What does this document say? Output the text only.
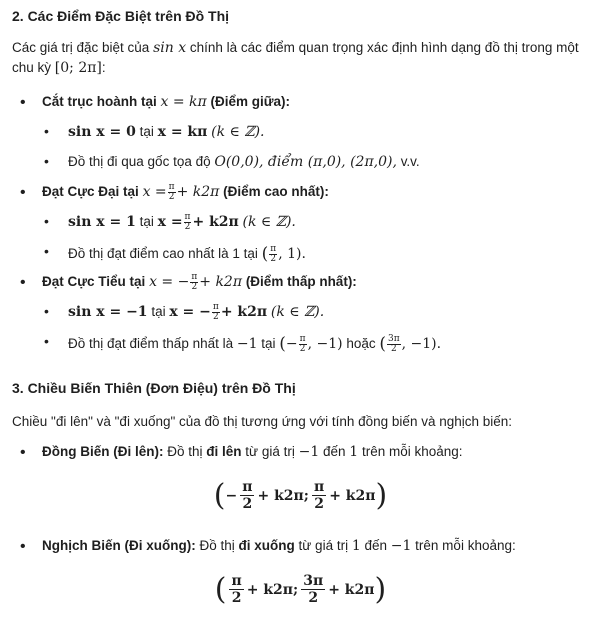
2. Các Điểm Đặc Biệt trên Đồ Thị
Các giá trị đặc biệt của sin x chính là các điểm quan trọng xác định hình dạng đồ thị trong một
chu kỳ [0; 2π]:
Cắt trục hoành tại x = kπ (Điểm giữa):
sin x = 0 tại x = kπ (k ∈ ℤ).
Đồ thị đi qua gốc tọa độ O(0,0), điểm (π,0), (2π,0), v.v.
Đạt Cực Đại tại $x = \frac{\pi}{2} + k2\pi$ (Điểm cao nhất):
sin x = 1 tại $x = \frac{\pi}{2} + k2\pi$ (k ∈ ℤ).
Đồ thị đạt điểm cao nhất là 1 tại ( $\frac{\pi}{2}$ , 1).
Đạt Cực Tiểu tại x = − $\frac{\pi}{2} + k2\pi$ (Điểm thấp nhất):
sin x = −1 tại x = − $\frac{\pi}{2} + k2\pi$ (k ∈ ℤ).
Đồ thị đạt điểm thấp nhất là −1 tại (− $\frac{\pi}{2}$ , −1) hoặc ( $\frac{3\pi}{2}$ , −1).
3. Chiều Biến Thiên (Đơn Điệu) trên Đồ Thị
Chiều "đi lên" và "đi xuống" của đồ thị tương ứng với tính đồng biến và nghịch biến:
Đồng Biến (Đi lên): Đồ thị đi lên từ giá trị −1 đến 1 trên mỗi khoảng:
(− $\frac{\pi}{2} + k2\pi$; $\frac{\pi}{2} + k2\pi$)
Nghịch Biến (Đi xuống): Đồ thị đi xuống từ giá trị 1 đến −1 trên mỗi khoảng:
( $\frac{\pi}{2} + k2\pi$; $\frac{3\pi}{2} + k2\pi$)
